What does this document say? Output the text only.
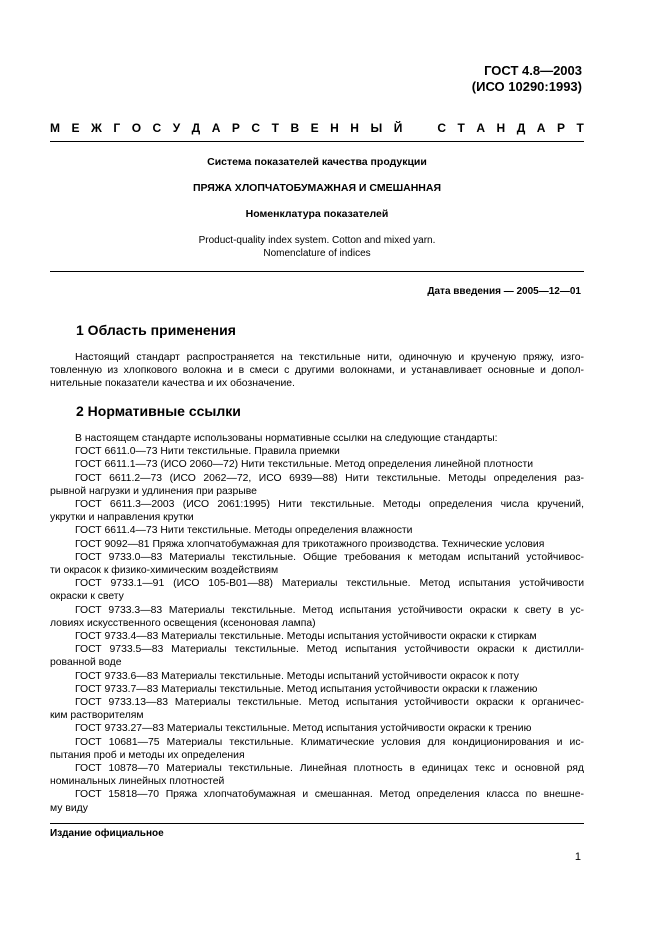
ГОСТ 4.8—2003
(ИСО 10290:1993)
М Е Ж Г О С У Д А Р С Т В Е Н Н Ы Й	С Т А Н Д А Р Т
Система показателей качества продукции
ПРЯЖА ХЛОПЧАТОБУМАЖНАЯ И СМЕШАННАЯ
Номенклатура показателей
Product-quality index system. Cotton and mixed yarn.
Nomenclature of indices
Дата введения — 2005—12—01
1 Область применения
Настоящий стандарт распространяется на текстильные нити, одиночную и крученую пряжу, изго-
товленную из хлопкового волокна и в смеси с другими волокнами, и устанавливает основные и допол-
нительные показатели качества и их обозначение.
2 Нормативные ссылки
В настоящем стандарте использованы нормативные ссылки на следующие стандарты:
ГОСТ 6611.0—73 Нити текстильные. Правила приемки
ГОСТ 6611.1—73 (ИСО 2060—72) Нити текстильные. Метод определения линейной плотности
ГОСТ 6611.2—73 (ИСО 2062—72, ИСО 6939—88) Нити текстильные. Методы определения раз-
рывной нагрузки и удлинения при разрыве
ГОСТ 6611.3—2003 (ИСО 2061:1995) Нити текстильные. Методы определения числа кручений,
укрутки и направления крутки
ГОСТ 6611.4—73 Нити текстильные. Методы определения влажности
ГОСТ 9092—81 Пряжа хлопчатобумажная для трикотажного производства. Технические условия
ГОСТ 9733.0—83 Материалы текстильные. Общие требования к методам испытаний устойчивос-
ти окрасок к физико-химическим воздействиям
ГОСТ 9733.1—91 (ИСО 105-В01—88) Материалы текстильные. Метод испытания устойчивости
окраски к свету
ГОСТ 9733.3—83 Материалы текстильные. Метод испытания устойчивости окраски к свету в ус-
ловиях искусственного освещения (ксеноновая лампа)
ГОСТ 9733.4—83 Материалы текстильные. Методы испытания устойчивости окраски к стиркам
ГОСТ 9733.5—83 Материалы текстильные. Метод испытания устойчивости окраски к дистилли-
рованной воде
ГОСТ 9733.6—83 Материалы текстильные. Методы испытаний устойчивости окрасок к поту
ГОСТ 9733.7—83 Материалы текстильные. Метод испытания устойчивости окраски к глажению
ГОСТ 9733.13—83 Материалы текстильные. Метод испытания устойчивости окраски к органичес-
ким растворителям
ГОСТ 9733.27—83 Материалы текстильные. Метод испытания устойчивости окраски к трению
ГОСТ 10681—75 Материалы текстильные. Климатические условия для кондиционирования и ис-
пытания проб и методы их определения
ГОСТ 10878—70 Материалы текстильные. Линейная плотность в единицах текс и основной ряд
номинальных линейных плотностей
ГОСТ 15818—70 Пряжа хлопчатобумажная и смешанная. Метод определения класса по внешне-
му виду
Издание официальное
1
